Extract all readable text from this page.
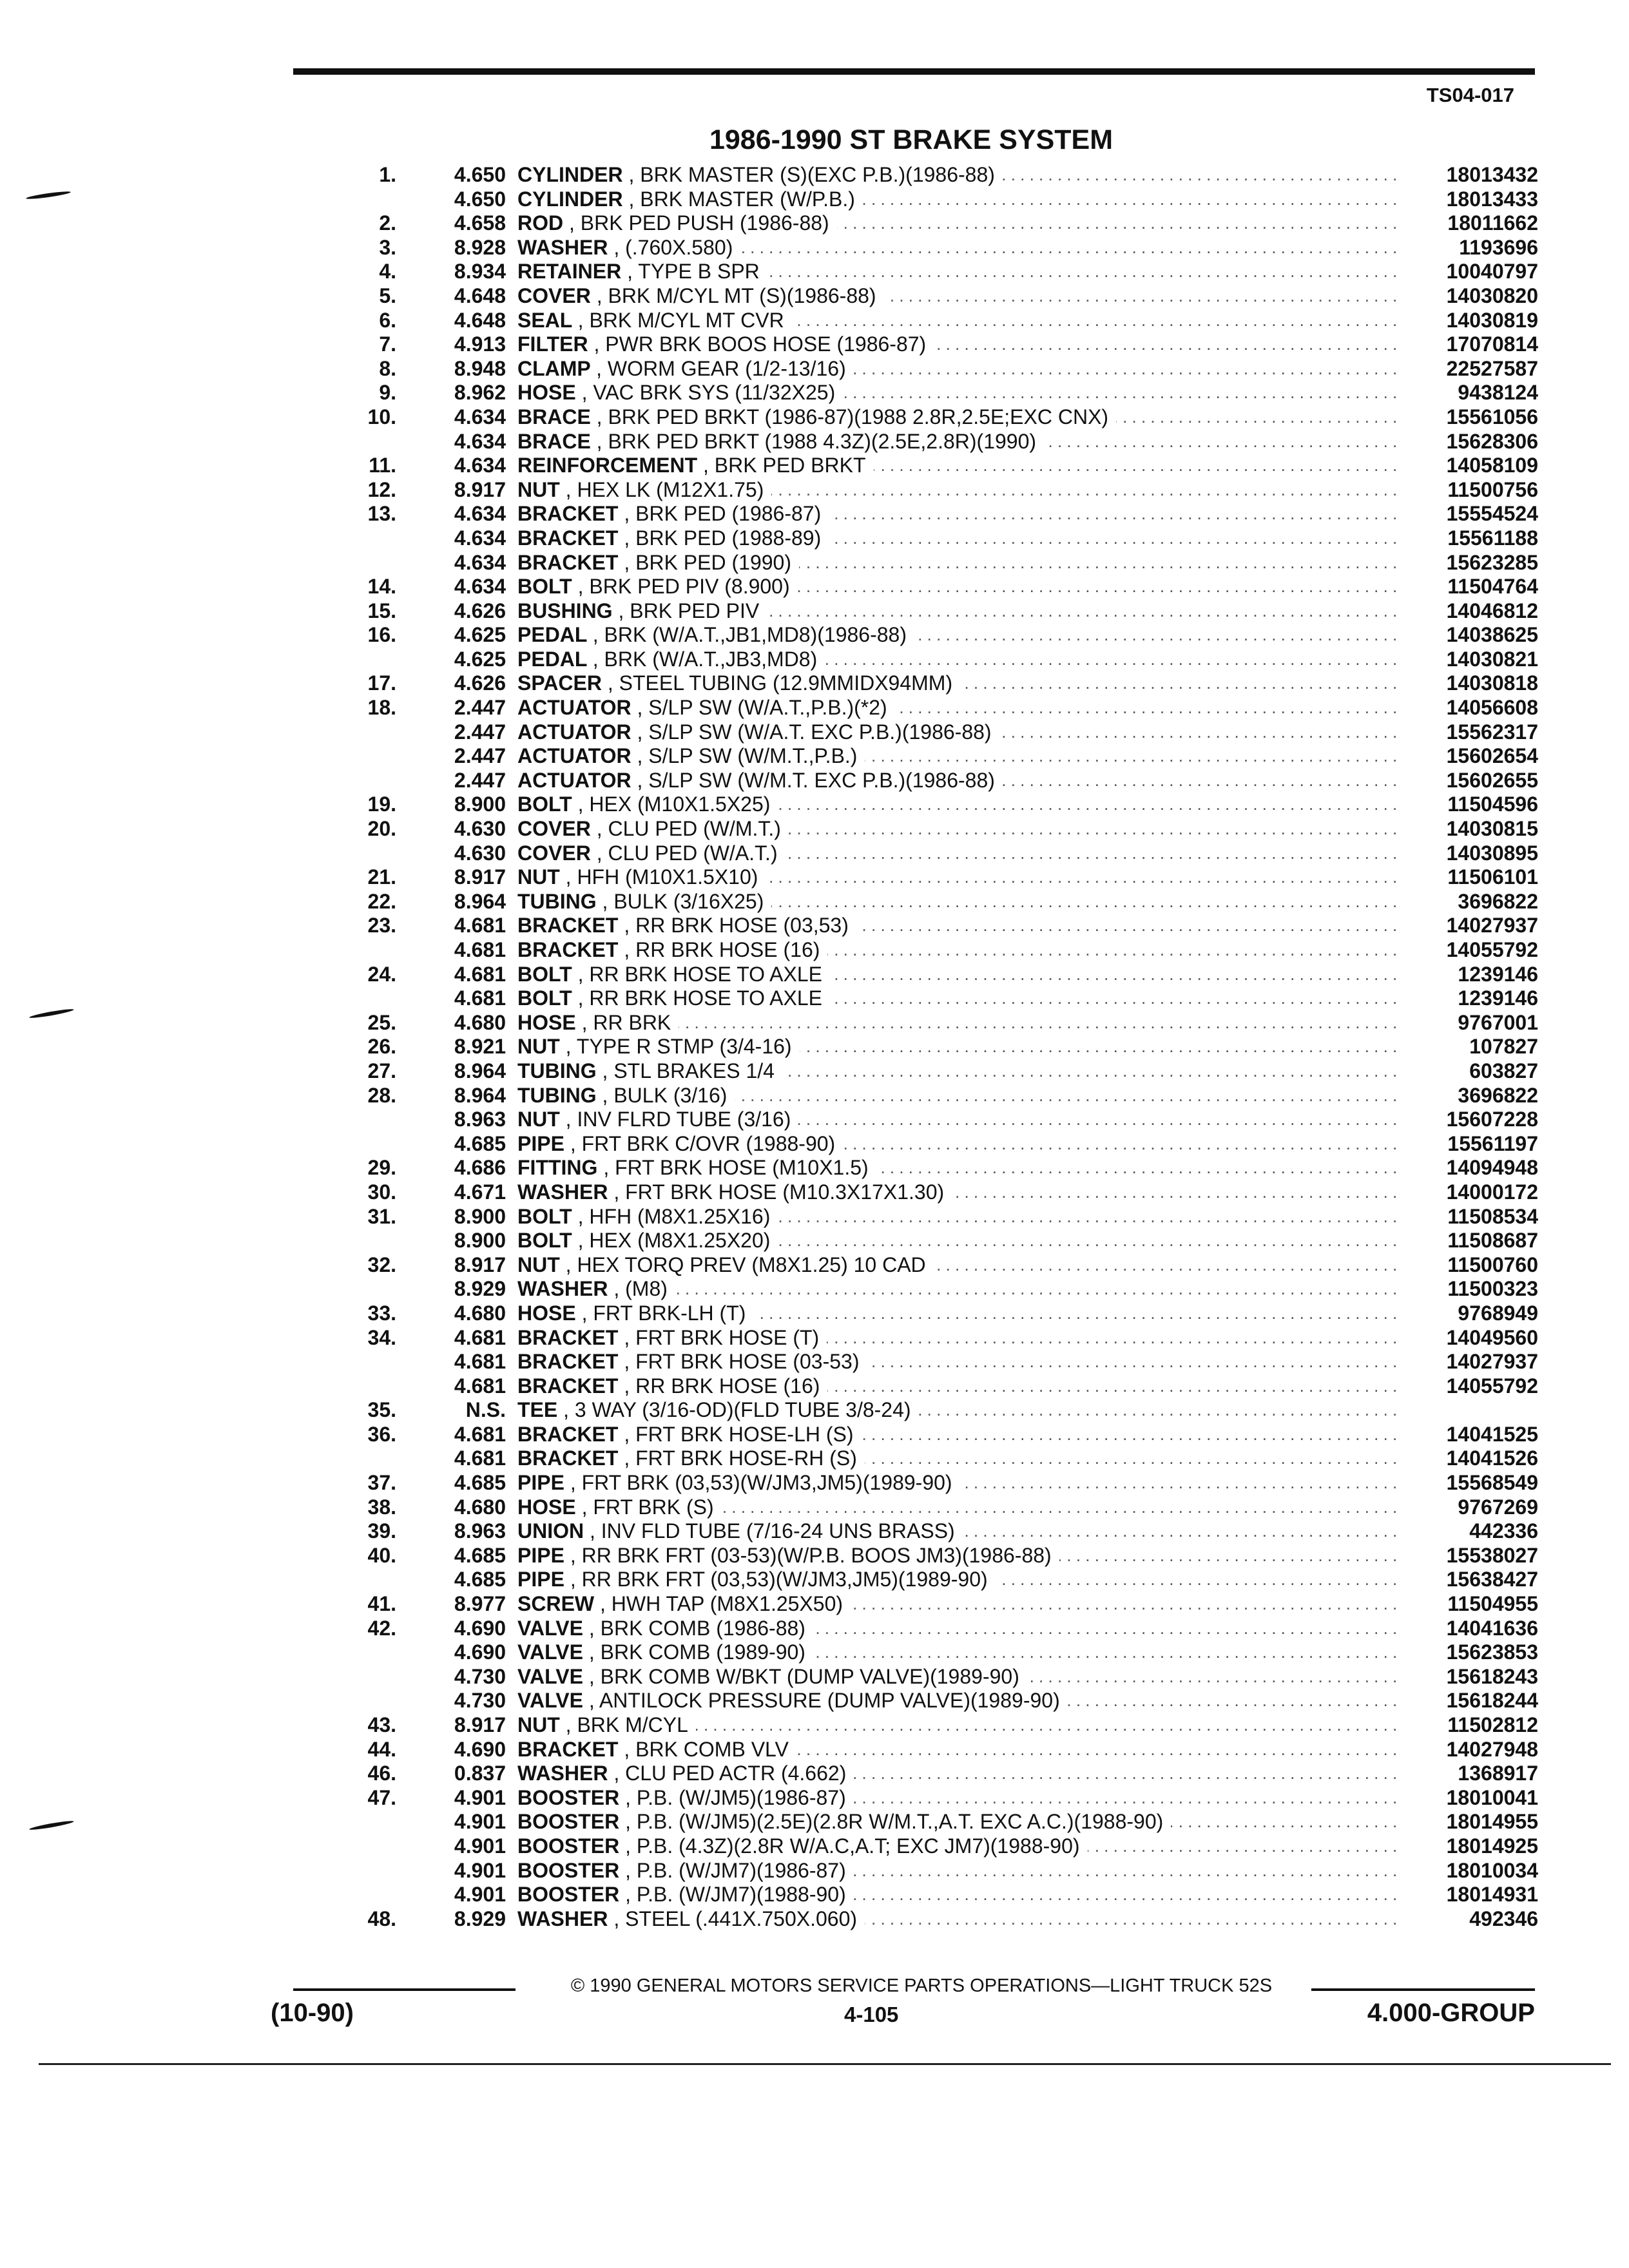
TS04-017
1986-1990 ST BRAKE SYSTEM
1.	4.650 CYLINDER , BRK MASTER (S)(EXC P.B.)(1986-88) . . .	18013432
4.650 CYLINDER , BRK MASTER (W/P.B.) . . .	18013433
2.	4.658 ROD , BRK PED PUSH (1986-88) . . .	18011662
3.	8.928 WASHER , (.760X.580) . . .	1193696
4.	8.934 RETAINER , TYPE B SPR . . .	10040797
5.	4.648 COVER , BRK M/CYL MT (S)(1986-88) . . .	14030820
6.	4.648 SEAL , BRK M/CYL MT CVR . . .	14030819
7.	4.913 FILTER , PWR BRK BOOS HOSE (1986-87) . . .	17070814
8.	8.948 CLAMP , WORM GEAR (1/2-13/16) . . .	22527587
9.	8.962 HOSE , VAC BRK SYS (11/32X25) . . .	9438124
10.	4.634 BRACE , BRK PED BRKT (1986-87)(1988 2.8R,2.5E;EXC CNX) . . .	15561056
4.634 BRACE , BRK PED BRKT (1988 4.3Z)(2.5E,2.8R)(1990) . . .	15628306
11.	4.634 REINFORCEMENT , BRK PED BRKT . . .	14058109
12.	8.917 NUT , HEX LK (M12X1.75) . . .	11500756
13.	4.634 BRACKET , BRK PED (1986-87) . . .	15554524
4.634 BRACKET , BRK PED (1988-89) . . .	15561188
4.634 BRACKET , BRK PED (1990) . . .	15623285
14.	4.634 BOLT , BRK PED PIV (8.900) . . .	11504764
15.	4.626 BUSHING , BRK PED PIV . . .	14046812
16.	4.625 PEDAL , BRK (W/A.T.,JB1,MD8)(1986-88) . . .	14038625
4.625 PEDAL , BRK (W/A.T.,JB3,MD8) . . .	14030821
17.	4.626 SPACER , STEEL TUBING (12.9MMIDX94MM) . . .	14030818
18.	2.447 ACTUATOR , S/LP SW (W/A.T.,P.B.)(*2) . . .	14056608
2.447 ACTUATOR , S/LP SW (W/A.T. EXC P.B.)(1986-88) . . .	15562317
2.447 ACTUATOR , S/LP SW (W/M.T.,P.B.) . . .	15602654
2.447 ACTUATOR , S/LP SW (W/M.T. EXC P.B.)(1986-88) . . .	15602655
19.	8.900 BOLT , HEX (M10X1.5X25) . . .	11504596
20.	4.630 COVER , CLU PED (W/M.T.) . . .	14030815
4.630 COVER , CLU PED (W/A.T.) . . .	14030895
21.	8.917 NUT , HFH (M10X1.5X10) . . .	11506101
22.	8.964 TUBING , BULK (3/16X25) . . .	3696822
23.	4.681 BRACKET , RR BRK HOSE (03,53) . . .	14027937
4.681 BRACKET , RR BRK HOSE (16) . . .	14055792
24.	4.681 BOLT , RR BRK HOSE TO AXLE . . .	1239146
4.681 BOLT , RR BRK HOSE TO AXLE . . .	1239146
25.	4.680 HOSE , RR BRK . . .	9767001
26.	8.921 NUT , TYPE R STMP (3/4-16) . . .	107827
27.	8.964 TUBING , STL BRAKES 1/4 . . .	603827
28.	8.964 TUBING , BULK (3/16) . . .	3696822
8.963 NUT , INV FLRD TUBE (3/16) . . .	15607228
4.685 PIPE , FRT BRK C/OVR (1988-90) . . .	15561197
29.	4.686 FITTING , FRT BRK HOSE (M10X1.5) . . .	14094948
30.	4.671 WASHER , FRT BRK HOSE (M10.3X17X1.30) . . .	14000172
31.	8.900 BOLT , HFH (M8X1.25X16) . . .	11508534
8.900 BOLT , HEX (M8X1.25X20) . . .	11508687
32.	8.917 NUT , HEX TORQ PREV (M8X1.25) 10 CAD . . .	11500760
8.929 WASHER , (M8) . . .	11500323
33.	4.680 HOSE , FRT BRK-LH (T) . . .	9768949
34.	4.681 BRACKET , FRT BRK HOSE (T) . . .	14049560
4.681 BRACKET , FRT BRK HOSE (03-53) . . .	14027937
4.681 BRACKET , RR BRK HOSE (16) . . .	14055792
35.	N.S. TEE , 3 WAY (3/16-OD)(FLD TUBE 3/8-24) . . .
36.	4.681 BRACKET , FRT BRK HOSE-LH (S) . . .	14041525
4.681 BRACKET , FRT BRK HOSE-RH (S) . . .	14041526
37.	4.685 PIPE , FRT BRK (03,53)(W/JM3,JM5)(1989-90) . . .	15568549
38.	4.680 HOSE , FRT BRK (S) . . .	9767269
39.	8.963 UNION , INV FLD TUBE (7/16-24 UNS BRASS) . . .	442336
40.	4.685 PIPE , RR BRK FRT (03-53)(W/P.B. BOOS JM3)(1986-88) . . .	15538027
4.685 PIPE , RR BRK FRT (03,53)(W/JM3,JM5)(1989-90) . . .	15638427
41.	8.977 SCREW , HWH TAP (M8X1.25X50) . . .	11504955
42.	4.690 VALVE , BRK COMB (1986-88) . . .	14041636
4.690 VALVE , BRK COMB (1989-90) . . .	15623853
4.730 VALVE , BRK COMB W/BKT (DUMP VALVE)(1989-90) . . .	15618243
4.730 VALVE , ANTILOCK PRESSURE (DUMP VALVE)(1989-90) . . .	15618244
43.	8.917 NUT , BRK M/CYL . . .	11502812
44.	4.690 BRACKET , BRK COMB VLV . . .	14027948
46.	0.837 WASHER , CLU PED ACTR (4.662) . . .	1368917
47.	4.901 BOOSTER , P.B. (W/JM5)(1986-87) . . .	18010041
4.901 BOOSTER , P.B. (W/JM5)(2.5E)(2.8R W/M.T.,A.T. EXC A.C.)(1988-90) . . .	18014955
4.901 BOOSTER , P.B. (4.3Z)(2.8R W/A.C,A.T; EXC JM7)(1988-90) . . .	18014925
4.901 BOOSTER , P.B. (W/JM7)(1986-87) . . .	18010034
4.901 BOOSTER , P.B. (W/JM7)(1988-90) . . .	18014931
48.	8.929 WASHER , STEEL (.441X.750X.060) . . .	492346
© 1990 GENERAL MOTORS SERVICE PARTS OPERATIONS—LIGHT TRUCK 52S
(10-90)	4-105	4.000-GROUP
